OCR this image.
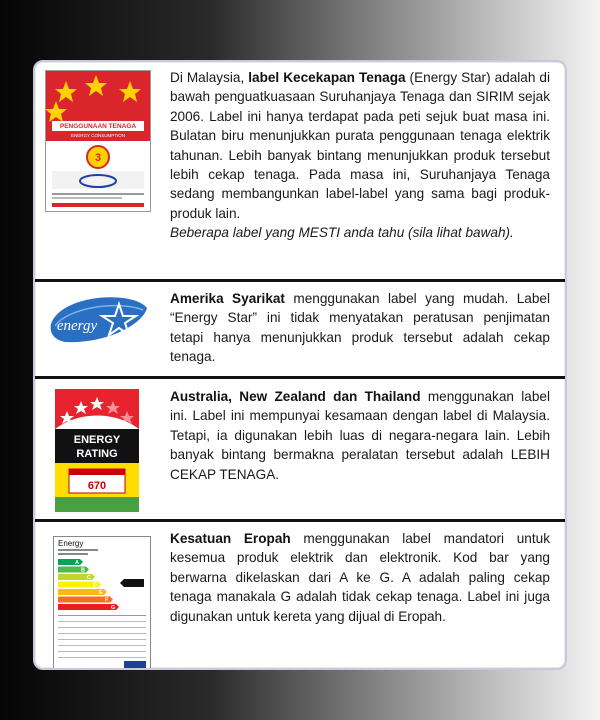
PENGGUNAAN TENAGA
ENERGY CONSUMPTION
3
Di Malaysia, label Kecekapan Tenaga (Energy Star) adalah di bawah penguatkuasaan Suruhanjaya Tenaga dan SIRIM sejak 2006. Label ini hanya terdapat pada peti sejuk buat masa ini. Bulatan biru menunjukkan purata penggunaan tenaga elektrik tahunan. Lebih banyak bintang menunjukkan produk tersebut lebih cekap tenaga. Pada masa ini, Suruhanjaya Tenaga sedang membangunkan label-label yang sama bagi produk-produk lain.
Beberapa label yang MESTI anda tahu (sila lihat bawah).
energy
Amerika Syarikat menggunakan label yang mudah. Label “Energy Star” ini tidak menyatakan peratusan penjimatan tetapi hanya menunjukkan produk tersebut adalah cekap tenaga.
ENERGY
RATING
670
Australia, New Zealand dan Thailand menggunakan label ini. Label ini mempunyai kesamaan dengan label di Malaysia. Tetapi, ia digunakan lebih luas di negara-negara lain. Lebih banyak bintang bermakna peralatan tersebut adalah LEBIH CEKAP TENAGA.
Energy
A
B
C
D
E
F
G
Kesatuan Eropah menggunakan label mandatori untuk kesemua produk elektrik dan elektronik. Kod bar yang berwarna dikelaskan dari A ke G. A adalah paling cekap tenaga manakala G adalah tidak cekap tenaga. Label ini juga digunakan untuk kereta yang dijual di Eropah.
